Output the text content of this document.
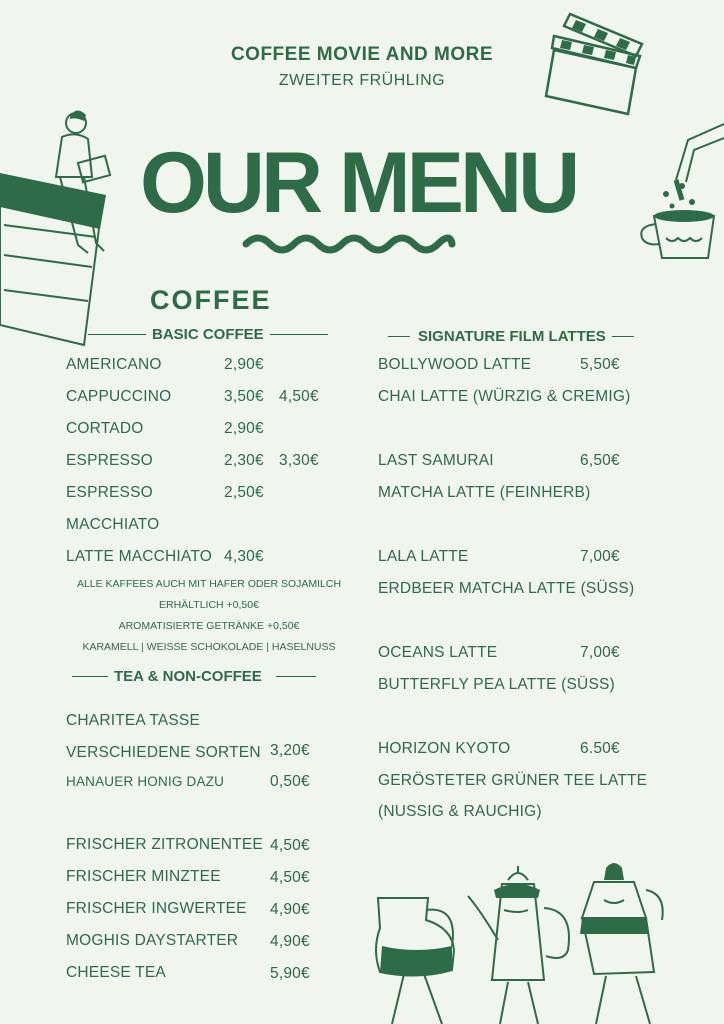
COFFEE MOVIE AND MORE
ZWEITER FRÜHLING
OUR MENU
COFFEE
BASIC COFFEE
AMERICANO	2,90€
CAPPUCCINO	3,50€ 4,50€
CORTADO	2,90€
ESPRESSO	2,30€ 3,30€
ESPRESSO	2,50€
MACCHIATO
LATTE MACCHIATO 4,30€
ALLE KAFFEES AUCH MIT HAFER ODER SOJAMILCH
ERHÄLTLICH +0,50€
AROMATISIERTE GETRÄNKE +0,50€
KARAMELL | WEISSE SCHOKOLADE | HASELNUSS
TEA & NON-COFFEE
CHARITEA TASSE
VERSCHIEDENE SORTEN 3,20€
HANAUER HONIG DAZU	0,50€
FRISCHER ZITRONENTEE 4,50€
FRISCHER MINZTEE	4,50€
FRISCHER INGWERTEE 4,90€
MOGHIS DAYSTARTER 4,90€
CHEESE TEA	5,90€
SIGNATURE FILM LATTES
BOLLYWOOD LATTE	5,50€
CHAI LATTE (WÜRZIG & CREMIG)
LAST SAMURAI	6,50€
MATCHA LATTE (FEINHERB)
LALA LATTE	7,00€
ERDBEER MATCHA LATTE (SÜSS)
OCEANS LATTE	7,00€
BUTTERFLY PEA LATTE (SÜSS)
HORIZON KYOTO	6.50€
GERÖSTETER GRÜNER TEE LATTE
(NUSSIG & RAUCHIG)
